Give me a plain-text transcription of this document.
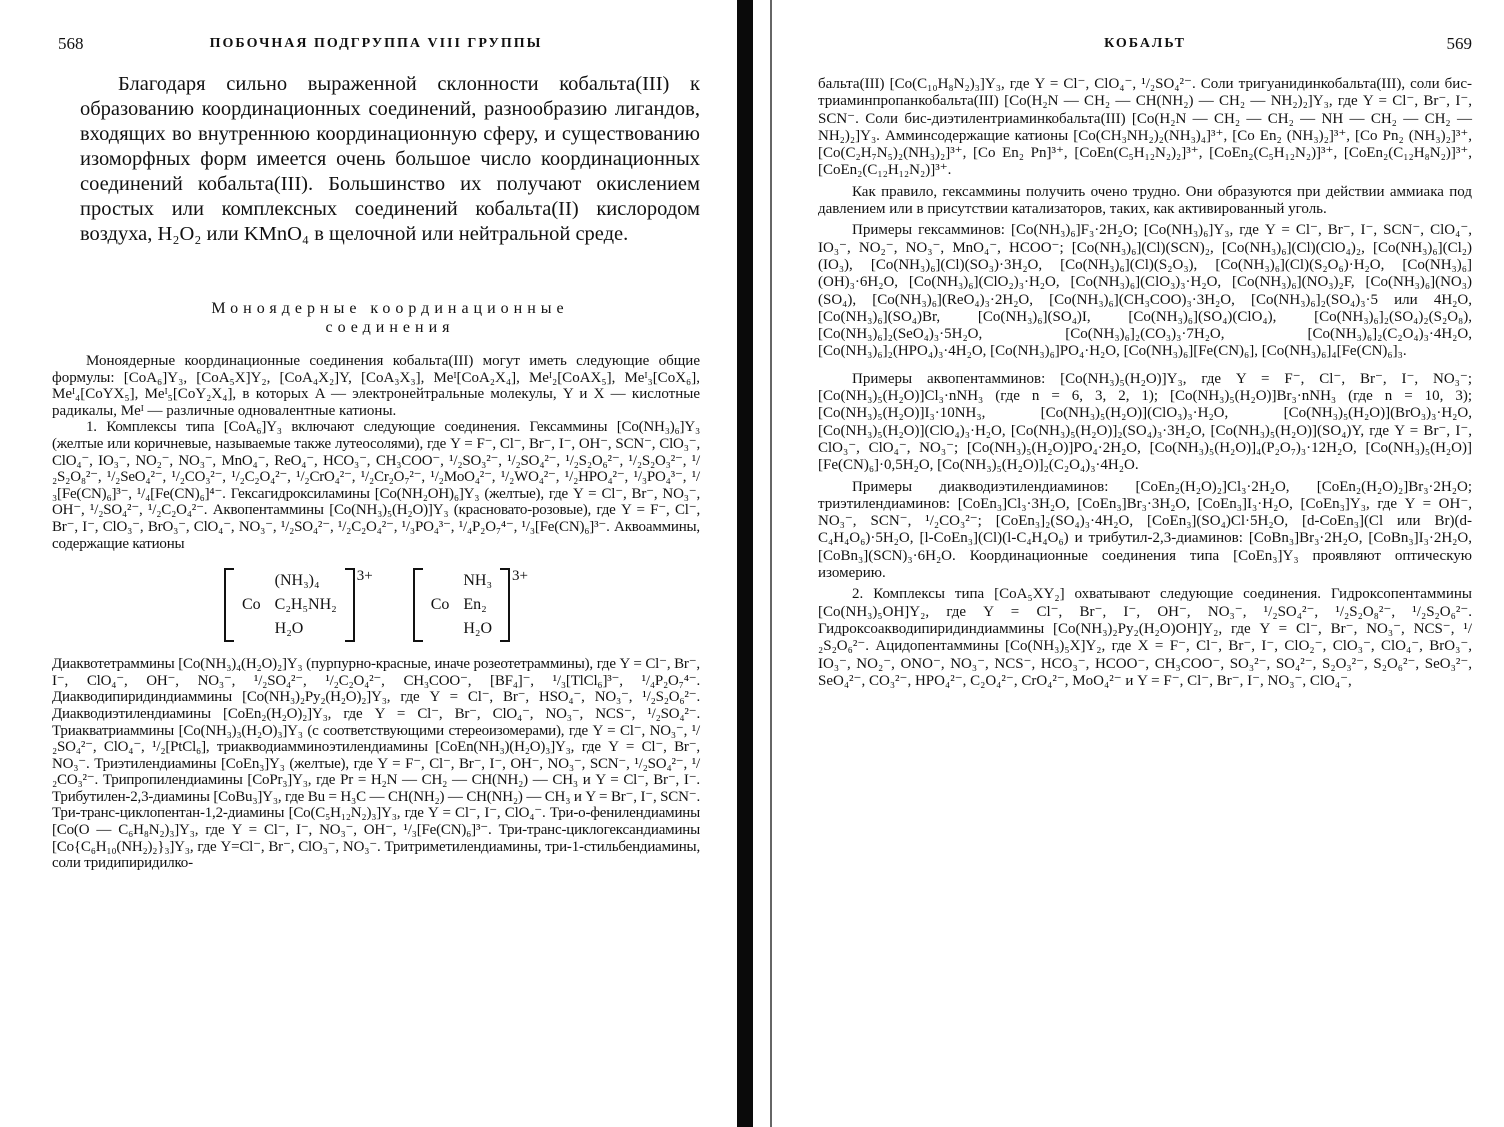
568	ПОБОЧНАЯ ПОДГРУППА VIII ГРУППЫ

Благодаря сильно выраженной склонности кобальта(III) к образованию координационных соединений, разнообразию лигандов, входящих во внутреннюю координационную сферу, и существованию изоморфных форм имеется очень большое число координационных соединений кобальта(III). Большинство их получают окислением простых или комплексных соединений кобальта(II) кислородом воздуха, H₂O₂ или KMnO₄ в щелочной или нейтральной среде.

Моноядерные координационные
соединения

Моноядерные координационные соединения кобальта(III) могут иметь следующие общие формулы: [CoA₆]Y₃, [CoA₅X]Y₂, [CoA₄X₂]Y, [CoA₃X₃], Meᴵ[CoA₂X₄], Meᴵ₂[CoAX₅], Meᴵ₃[CoX₆], Meᴵ₄[CoYX₅], Meᴵ₅[CoY₂X₄], в которых A — электронейтральные молекулы, Y и X — кислотные радикалы, Meᴵ — различные одновалентные катионы.

1. Комплексы типа [CoA₆]Y₃ включают следующие соединения. Гексаммины [Co(NH₃)₆]Y₃ (желтые или коричневые, называемые также лутеосолями), где Y = F⁻, Cl⁻, Br⁻, I⁻, OH⁻, SCN⁻, ClO₃⁻, ClO₄⁻, IO₃⁻, NO₂⁻, NO₃⁻, MnO₄⁻, ReO₄⁻, HCO₃⁻, CH₃COO⁻, ¹/₂SO₃²⁻, ¹/₂SO₄²⁻, ¹/₂S₂O₆²⁻, ¹/₂S₂O₃²⁻, ¹/₂S₂O₈²⁻, ¹/₂SeO₄²⁻, ¹/₂CO₃²⁻, ¹/₂C₂O₄²⁻, ¹/₂CrO₄²⁻, ¹/₂Cr₂O₇²⁻, ¹/₂MoO₄²⁻, ¹/₂WO₄²⁻, ¹/₂HPO₄²⁻, ¹/₃PO₄³⁻, ¹/₃[Fe(CN)₆]³⁻, ¹/₄[Fe(CN)₆]⁴⁻. Гексагидроксиламины [Co(NH₂OH)₆]Y₃ (желтые), где Y = Cl⁻, Br⁻, NO₃⁻, OH⁻, ¹/₂SO₄²⁻, ¹/₂C₂O₄²⁻. Аквопентаммины [Co(NH₃)₅(H₂O)]Y₃ (красновато-розовые), где Y = F⁻, Cl⁻, Br⁻, I⁻, ClO₃⁻, BrO₃⁻, ClO₄⁻, NO₃⁻, ¹/₂SO₄²⁻, ¹/₂C₂O₄²⁻, ¹/₃PO₄³⁻, ¹/₄P₂O₇⁴⁻, ¹/₃[Fe(CN)₆]³⁻. Аквоаммины, содержащие катионы

(NH₃)₄
Co C₂H₅NH₂
H₂O
3+	NH₃
Co En₂
H₂O
3+

Диаквотетраммины [Co(NH₃)₄(H₂O)₂]Y₃ (пурпурно-красные, иначе розеотетраммины), где Y = Cl⁻, Br⁻, I⁻, ClO₄⁻, OH⁻, NO₃⁻, ¹/₂SO₄²⁻, ¹/₂C₂O₄²⁻, CH₃COO⁻, [BF₄]⁻, ¹/₃[TlCl₆]³⁻, ¹/₄P₂O₇⁴⁻. Диакводипиридиндиаммины [Co(NH₃)₂Py₂(H₂O)₂]Y₃, где Y = Cl⁻, Br⁻, HSO₄⁻, NO₃⁻, ¹/₂S₂O₆²⁻. Диакводиэтилендиамины [CoEn₂(H₂O)₂]Y₃, где Y = Cl⁻, Br⁻, ClO₄⁻, NO₃⁻, NCS⁻, ¹/₂SO₄²⁻. Триакватриаммины [Co(NH₃)₃(H₂O)₃]Y₃ (с соответствующими стереоизомерами), где Y = Cl⁻, NO₃⁻, ¹/₂SO₄²⁻, ClO₄⁻, ¹/₂[PtCl₆], триакводиамминоэтилендиамины [CoEn(NH₃)(H₂O)₃]Y₃, где Y = Cl⁻, Br⁻, NO₃⁻. Триэтилендиамины [CoEn₃]Y₃ (желтые), где Y = F⁻, Cl⁻, Br⁻, I⁻, OH⁻, NO₃⁻, SCN⁻, ¹/₂SO₄²⁻, ¹/₂CO₃²⁻. Трипропилендиамины [CoPr₃]Y₃, где Pr = H₂N — CH₂ — CH(NH₂) — CH₃ и Y = Cl⁻, Br⁻, I⁻. Трибутилен-2,3-диамины [CoBu₃]Y₃, где Bu = H₃C — CH(NH₂) — CH(NH₂) — CH₃ и Y = Br⁻, I⁻, SCN⁻. Три-транс-циклопентан-1,2-диамины [Co(C₅H₁₂N₂)₃]Y₃, где Y = Cl⁻, I⁻, ClO₄⁻. Три-о-фенилендиамины [Co(O — C₆H₈N₂)₃]Y₃, где Y = Cl⁻, I⁻, NO₃⁻, OH⁻, ¹/₃[Fe(CN)₆]³⁻. Три-транс-циклогександиамины [Co{C₆H₁₀(NH₂)₂}₃]Y₃, где Y=Cl⁻, Br⁻, ClO₃⁻, NO₃⁻. Тритриметилендиамины, три-1-стильбендиамины, соли тридипиридилко-

КОБАЛЬТ	569

бальта(III) [Co(C₁₀H₈N₂)₃]Y₃, где Y = Cl⁻, ClO₄⁻, ¹/₂SO₄²⁻. Соли тригуанидинкобальта(III), соли бис-триаминпропанкобальта(III) [Co(H₂N — CH₂ — CH(NH₂) — CH₂ — NH₂)₂]Y₃, где Y = Cl⁻, Br⁻, I⁻, SCN⁻. Соли бис-диэтилентриаминкобальта(III) [Co(H₂N — CH₂ — CH₂ — NH — CH₂ — CH₂ — NH₂)₂]Y₃. Амминсодержащие катионы [Co(CH₃NH₂)₂(NH₃)₄]³⁺, [Co En₂ (NH₃)₂]³⁺, [Co Pn₂ (NH₃)₂]³⁺, [Co(C₂H₇N₅)₂(NH₃)₂]³⁺, [Co En₂ Pn]³⁺, [CoEn(C₅H₁₂N₂)₂]³⁺, [CoEn₂(C₅H₁₂N₂)]³⁺, [CoEn₂(C₁₂H₈N₂)]³⁺, [CoEn₂(C₁₂H₁₂N₂)]³⁺.

Как правило, гексаммины получить очено трудно. Они образуются при действии аммиака под давлением или в присутствии катализаторов, таких, как активированный уголь.

Примеры гексамминов: [Co(NH₃)₆]F₃·2H₂O; [Co(NH₃)₆]Y₃, где Y = Cl⁻, Br⁻, I⁻, SCN⁻, ClO₄⁻, IO₃⁻, NO₂⁻, NO₃⁻, MnO₄⁻, HCOO⁻; [Co(NH₃)₆](Cl)(SCN)₂, [Co(NH₃)₆](Cl)(ClO₄)₂, [Co(NH₃)₆](Cl₂)(IO₃), [Co(NH₃)₆](Cl)(SO₃)·3H₂O, [Co(NH₃)₆](Cl)(S₂O₃), [Co(NH₃)₆](Cl)(S₂O₆)·H₂O, [Co(NH₃)₆](OH)₃·6H₂O, [Co(NH₃)₆](ClO₂)₃·H₂O, [Co(NH₃)₆](ClO₃)₃·H₂O, [Co(NH₃)₆](NO₃)₂F, [Co(NH₃)₆](NO₃)(SO₄), [Co(NH₃)₆](ReO₄)₃·2H₂O, [Co(NH₃)₆](CH₃COO)₃·3H₂O, [Co(NH₃)₆]₂(SO₄)₃·5 или 4H₂O, [Co(NH₃)₆](SO₄)Br, [Co(NH₃)₆](SO₄)I, [Co(NH₃)₆](SO₄)(ClO₄), [Co(NH₃)₆]₂(SO₄)₂(S₂O₈), [Co(NH₃)₆]₂(SeO₄)₃·5H₂O, [Co(NH₃)₆]₂(CO₃)₃·7H₂O, [Co(NH₃)₆]₂(C₂O₄)₃·4H₂O, [Co(NH₃)₆]₂(HPO₄)₃·4H₂O, [Co(NH₃)₆]PO₄·H₂O, [Co(NH₃)₆][Fe(CN)₆], [Co(NH₃)₆]₄[Fe(CN)₆]₃.

Примеры аквопентамминов: [Co(NH₃)₅(H₂O)]Y₃, где Y = F⁻, Cl⁻, Br⁻, I⁻, NO₃⁻; [Co(NH₃)₅(H₂O)]Cl₃·nNH₃ (где n = 6, 3, 2, 1); [Co(NH₃)₅(H₂O)]Br₃·nNH₃ (где n = 10, 3); [Co(NH₃)₅(H₂O)]I₃·10NH₃, [Co(NH₃)₅(H₂O)](ClO₃)₃·H₂O, [Co(NH₃)₅(H₂O)](BrO₃)₃·H₂O, [Co(NH₃)₅(H₂O)](ClO₄)₃·H₂O, [Co(NH₃)₅(H₂O)]₂(SO₄)₃·3H₂O, [Co(NH₃)₅(H₂O)](SO₄)Y, где Y = Br⁻, I⁻, ClO₃⁻, ClO₄⁻, NO₃⁻; [Co(NH₃)₅(H₂O)]PO₄·2H₂O, [Co(NH₃)₅(H₂O)]₄(P₂O₇)₃·12H₂O, [Co(NH₃)₅(H₂O)][Fe(CN)₆]·0,5H₂O, [Co(NH₃)₅(H₂O)]₂(C₂O₄)₃·4H₂O.

Примеры диакводиэтилендиаминов: [CoEn₂(H₂O)₂]Cl₃·2H₂O, [CoEn₂(H₂O)₂]Br₃·2H₂O; триэтилендиаминов: [CoEn₃]Cl₃·3H₂O, [CoEn₃]Br₃·3H₂O, [CoEn₃]I₃·H₂O, [CoEn₃]Y₃, где Y = OH⁻, NO₃⁻, SCN⁻, ¹/₂CO₃²⁻; [CoEn₃]₂(SO₄)₃·4H₂O, [CoEn₃](SO₄)Cl·5H₂O, [d-CoEn₃](Cl или Br)(d-C₄H₄O₆)·5H₂O, [l-CoEn₃](Cl)(l-C₄H₄O₆) и трибутил-2,3-диаминов: [CoBn₃]Br₃·2H₂O, [CoBn₃]I₃·2H₂O, [CoBn₃](SCN)₃·6H₂O. Координационные соединения типа [CoEn₃]Y₃ проявляют оптическую изомерию.

2. Комплексы типа [CoA₅XY₂] охватывают следующие соединения. Гидроксопентаммины [Co(NH₃)₅OH]Y₂, где Y = Cl⁻, Br⁻, I⁻, OH⁻, NO₃⁻, ¹/₂SO₄²⁻, ¹/₂S₂O₈²⁻, ¹/₂S₂O₆²⁻. Гидроксоакводипиридиндиаммины [Co(NH₃)₂Py₂(H₂O)OH]Y₂, где Y = Cl⁻, Br⁻, NO₃⁻, NCS⁻, ¹/₂S₂O₆²⁻. Ацидопентаммины [Co(NH₃)₅X]Y₂, где X = F⁻, Cl⁻, Br⁻, I⁻, ClO₂⁻, ClO₃⁻, ClO₄⁻, BrO₃⁻, IO₃⁻, NO₂⁻, ONO⁻, NO₃⁻, NCS⁻, HCO₃⁻, HCOO⁻, CH₃COO⁻, SO₃²⁻, SO₄²⁻, S₂O₃²⁻, S₂O₆²⁻, SeO₃²⁻, SeO₄²⁻, CO₃²⁻, HPO₄²⁻, C₂O₄²⁻, CrO₄²⁻, MoO₄²⁻ и Y = F⁻, Cl⁻, Br⁻, I⁻, NO₃⁻, ClO₄⁻,
